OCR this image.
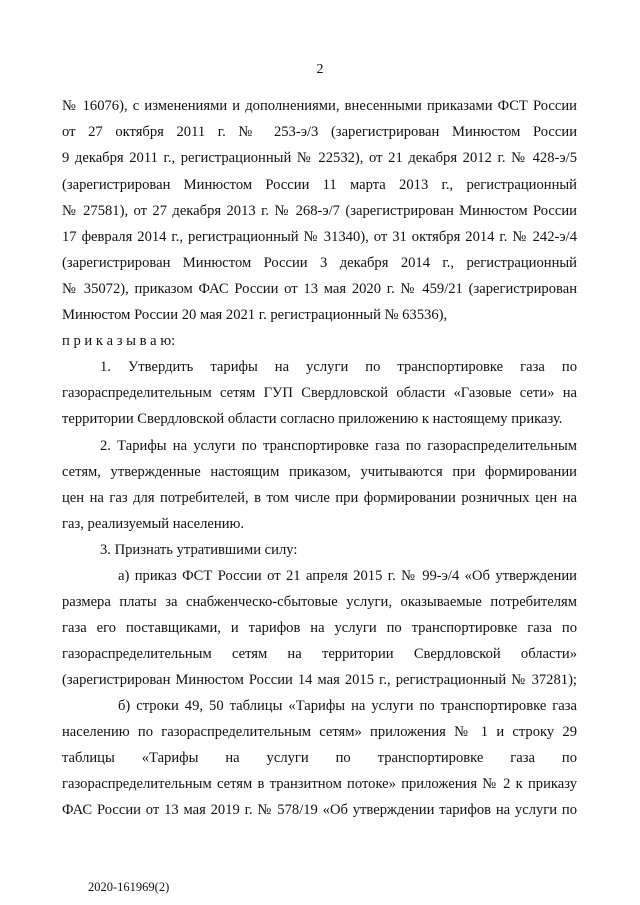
2
№ 16076), с изменениями и дополнениями, внесенными приказами ФСТ России
от 27 октября 2011 г. № 253-э/3 (зарегистрирован Минюстом России
9 декабря 2011 г., регистрационный № 22532), от 21 декабря 2012 г. № 428-э/5
(зарегистрирован Минюстом России 11 марта 2013 г., регистрационный
№ 27581), от 27 декабря 2013 г. № 268-э/7 (зарегистрирован Минюстом России
17 февраля 2014 г., регистрационный № 31340), от 31 октября 2014 г. № 242-э/4
(зарегистрирован Минюстом России 3 декабря 2014 г., регистрационный
№ 35072), приказом ФАС России от 13 мая 2020 г. № 459/21 (зарегистрирован
Минюстом России 20 мая 2021 г. регистрационный № 63536),
п р и к а з ы в а ю:
1. Утвердить тарифы на услуги по транспортировке газа по
газораспределительным сетям ГУП Свердловской области «Газовые сети» на
территории Свердловской области согласно приложению к настоящему приказу.
2. Тарифы на услуги по транспортировке газа по газораспределительным
сетям, утвержденные настоящим приказом, учитываются при формировании
цен на газ для потребителей, в том числе при формировании розничных цен на
газ, реализуемый населению.
3. Признать утратившими силу:
а) приказ ФСТ России от 21 апреля 2015 г. № 99-э/4 «Об утверждении
размера платы за снабженческо-сбытовые услуги, оказываемые потребителям
газа его поставщиками, и тарифов на услуги по транспортировке газа по
газораспределительным сетям на территории Свердловской области»
(зарегистрирован Минюстом России 14 мая 2015 г., регистрационный № 37281);
б) строки 49, 50 таблицы «Тарифы на услуги по транспортировке газа
населению по газораспределительным сетям» приложения № 1 и строку 29
таблицы «Тарифы на услуги по транспортировке газа по
газораспределительным сетям в транзитном потоке» приложения № 2 к приказу
ФАС России от 13 мая 2019 г. № 578/19 «Об утверждении тарифов на услуги по
2020-161969(2)
